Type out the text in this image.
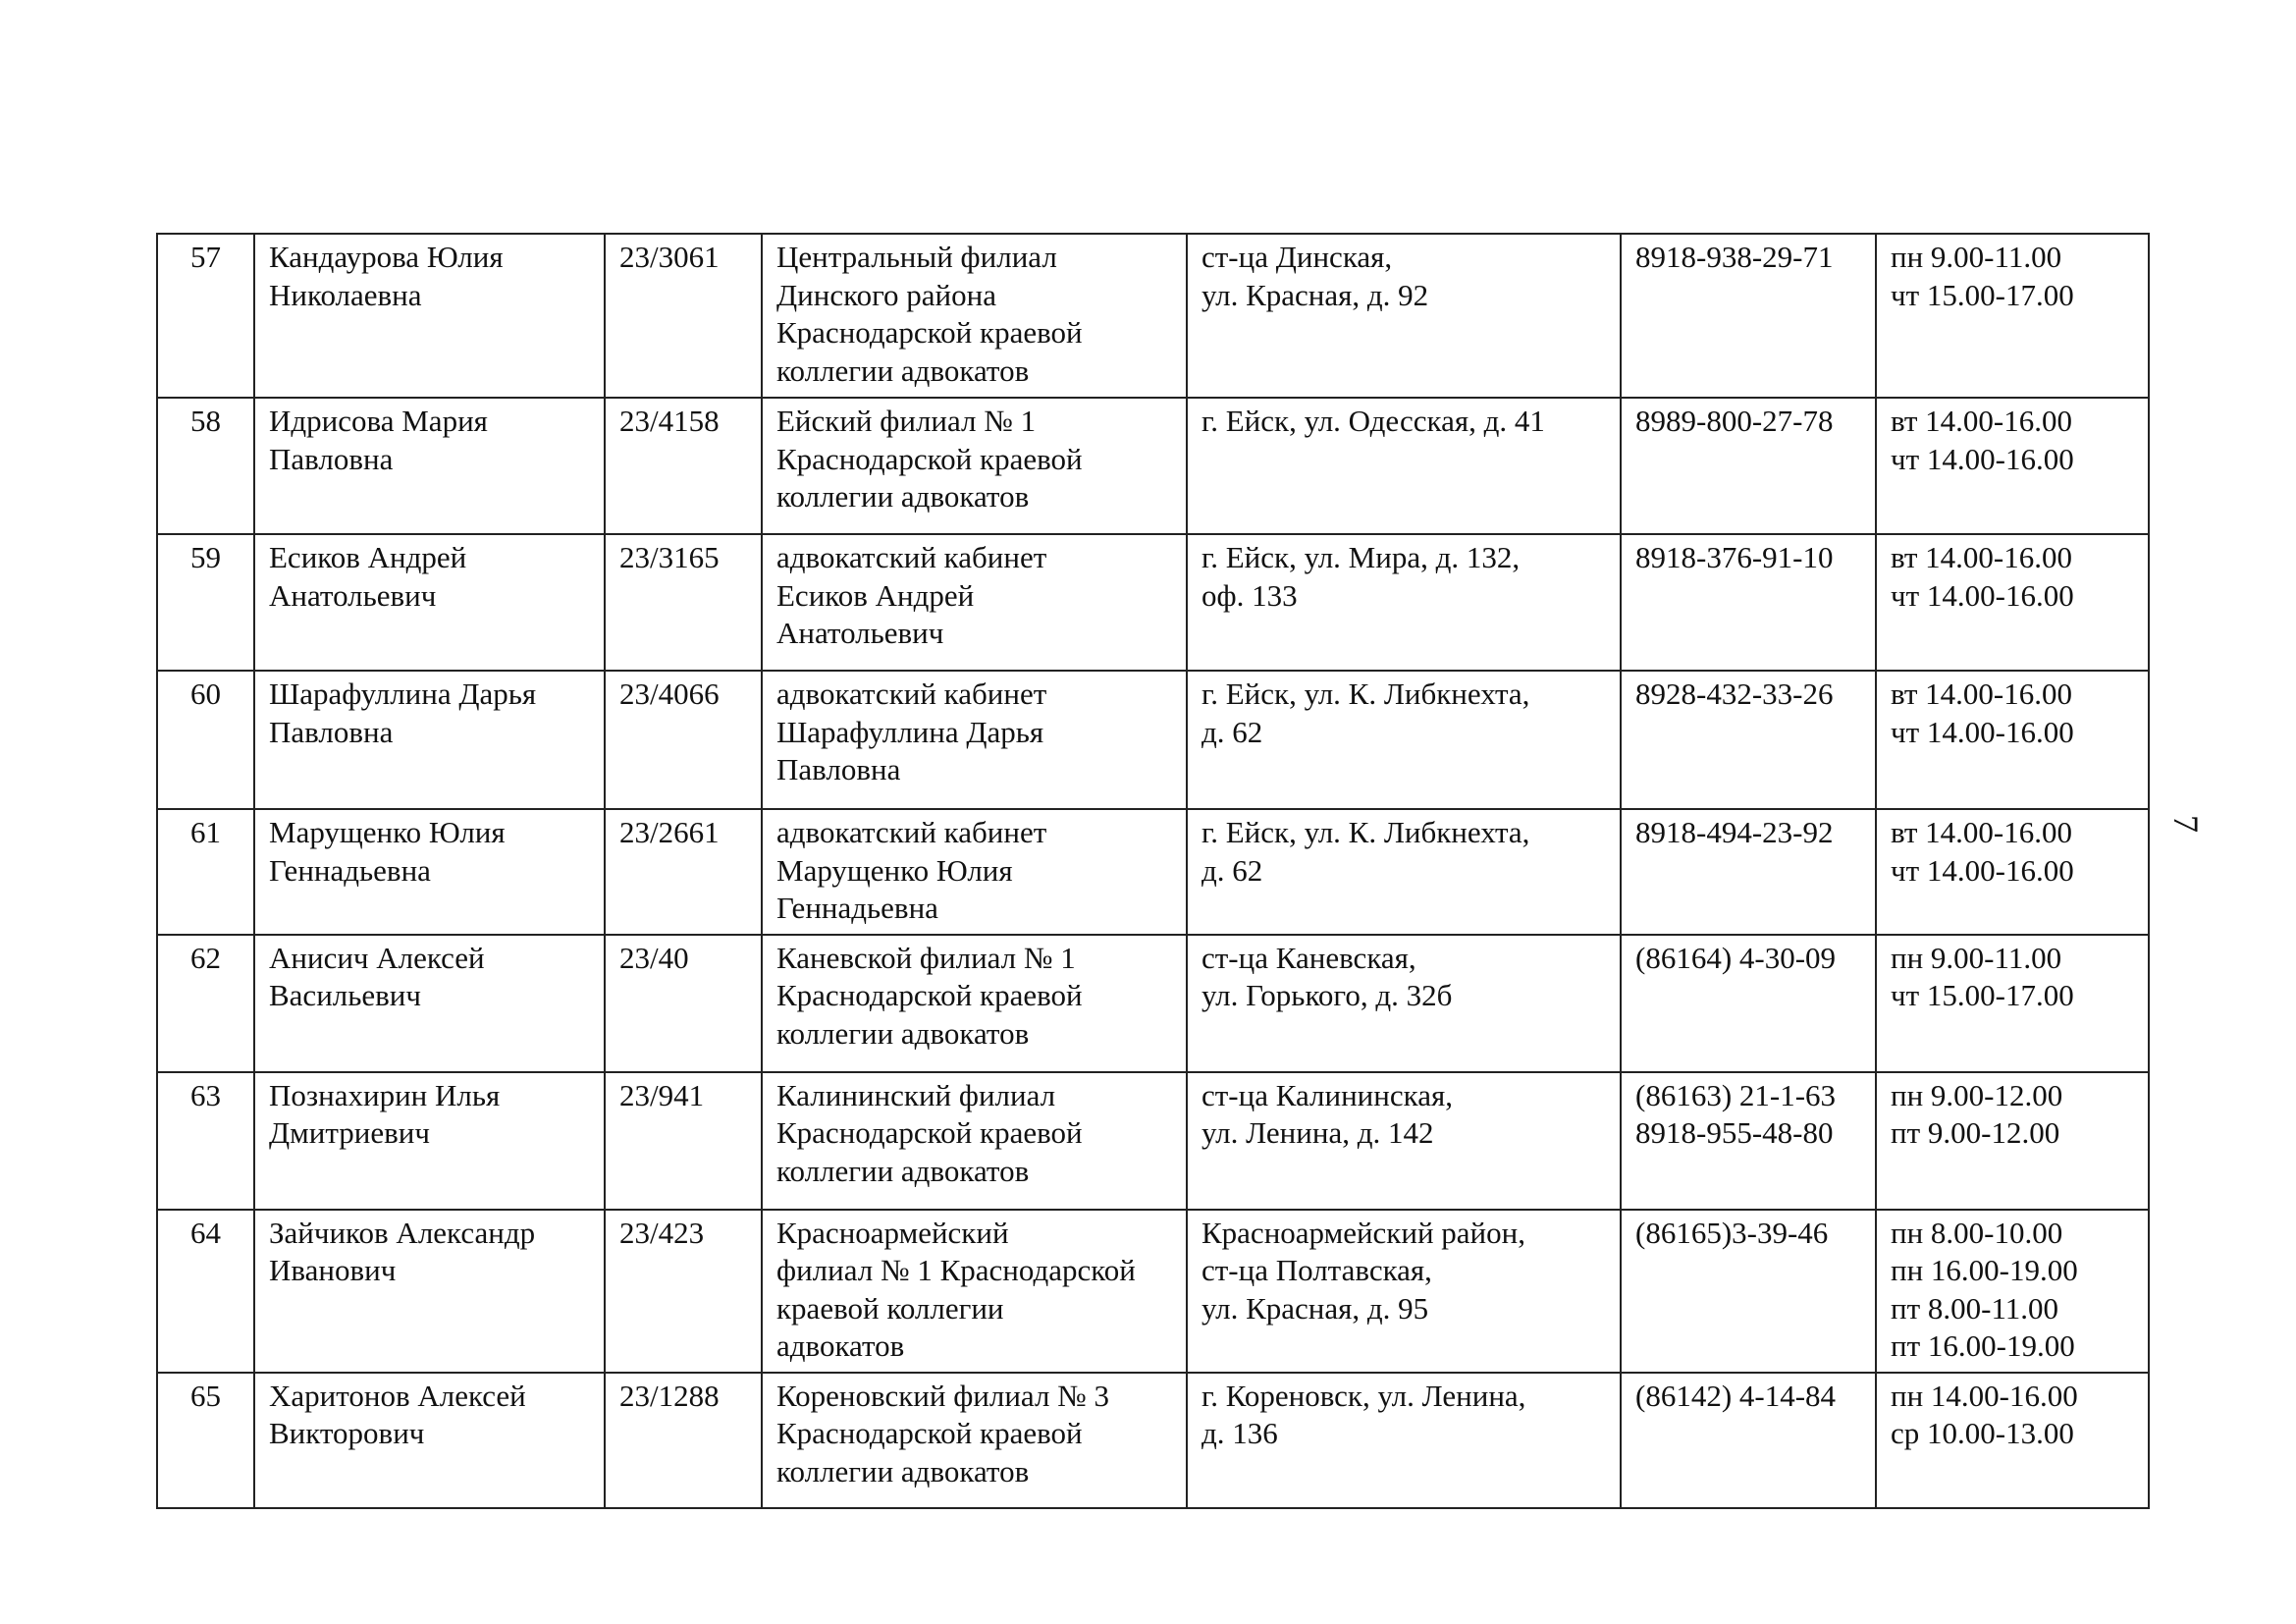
57	Кандаурова Юлия
Николаевна	23/3061	Центральный филиал
Динского района
Краснодарской краевой
коллегии адвокатов	ст-ца Динская,
ул. Красная, д. 92	8918-938-29-71	пн 9.00-11.00
чт 15.00-17.00
58	Идрисова Мария
Павловна	23/4158	Ейский филиал № 1
Краснодарской краевой
коллегии адвокатов	г. Ейск, ул. Одесская, д. 41	8989-800-27-78	вт 14.00-16.00
чт 14.00-16.00
59	Есиков Андрей
Анатольевич	23/3165	адвокатский кабинет
Есиков Андрей
Анатольевич	г. Ейск, ул. Мира, д. 132,
оф. 133	8918-376-91-10	вт 14.00-16.00
чт 14.00-16.00
60	Шарафуллина Дарья
Павловна	23/4066	адвокатский кабинет
Шарафуллина Дарья
Павловна	г. Ейск, ул. К. Либкнехта,
д. 62	8928-432-33-26	вт 14.00-16.00
чт 14.00-16.00
61	Марущенко Юлия
Геннадьевна	23/2661	адвокатский кабинет
Марущенко Юлия
Геннадьевна	г. Ейск, ул. К. Либкнехта,
д. 62	8918-494-23-92	вт 14.00-16.00
чт 14.00-16.00
62	Анисич Алексей
Васильевич	23/40	Каневской филиал № 1
Краснодарской краевой
коллегии адвокатов	ст-ца Каневская,
ул. Горького, д. 32б	(86164) 4-30-09	пн 9.00-11.00
чт 15.00-17.00
63	Познахирин Илья
Дмитриевич	23/941	Калининский филиал
Краснодарской краевой
коллегии адвокатов	ст-ца Калининская,
ул. Ленина, д. 142	(86163) 21-1-63
8918-955-48-80	пн 9.00-12.00
пт 9.00-12.00
64	Зайчиков Александр
Иванович	23/423	Красноармейский
филиал № 1 Краснодарской
краевой коллегии
адвокатов	Красноармейский район,
ст-ца Полтавская,
ул. Красная, д. 95	(86165)3-39-46	пн 8.00-10.00
пн 16.00-19.00
пт 8.00-11.00
пт 16.00-19.00
65	Харитонов Алексей
Викторович	23/1288	Кореновский филиал № 3
Краснодарской краевой
коллегии адвокатов	г. Кореновск, ул. Ленина,
д. 136	(86142) 4-14-84	пн 14.00-16.00
ср 10.00-13.00
7
